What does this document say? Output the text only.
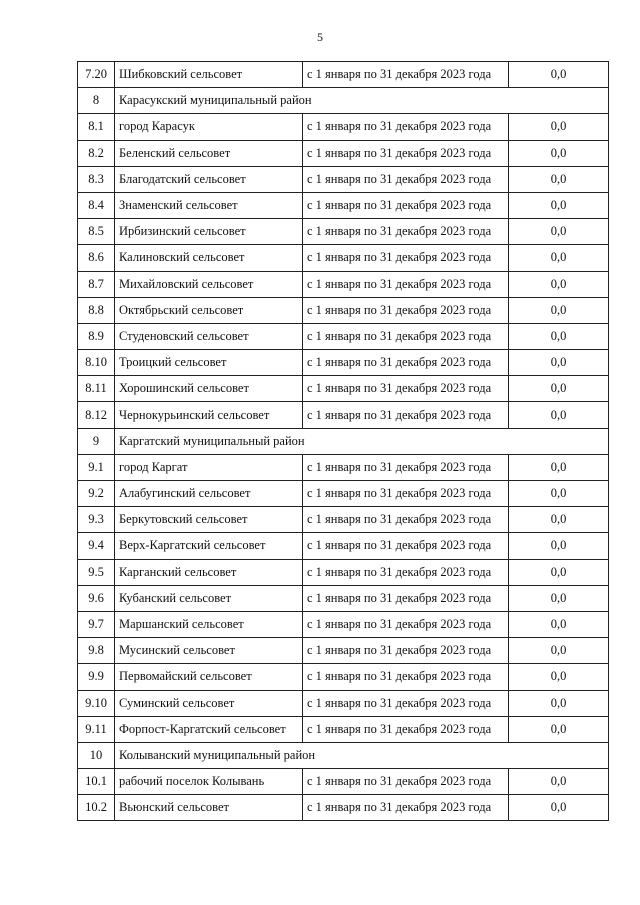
5
7.20	Шибковский сельсовет	с 1 января по 31 декабря 2023 года	0,0
8	Карасукский муниципальный район		
8.1	город Карасук	с 1 января по 31 декабря 2023 года	0,0
8.2	Беленский сельсовет	с 1 января по 31 декабря 2023 года	0,0
8.3	Благодатский сельсовет	с 1 января по 31 декабря 2023 года	0,0
8.4	Знаменский сельсовет	с 1 января по 31 декабря 2023 года	0,0
8.5	Ирбизинский сельсовет	с 1 января по 31 декабря 2023 года	0,0
8.6	Калиновский сельсовет	с 1 января по 31 декабря 2023 года	0,0
8.7	Михайловский сельсовет	с 1 января по 31 декабря 2023 года	0,0
8.8	Октябрьский сельсовет	с 1 января по 31 декабря 2023 года	0,0
8.9	Студеновский сельсовет	с 1 января по 31 декабря 2023 года	0,0
8.10	Троицкий сельсовет	с 1 января по 31 декабря 2023 года	0,0
8.11	Хорошинский сельсовет	с 1 января по 31 декабря 2023 года	0,0
8.12	Чернокурьинский сельсовет	с 1 января по 31 декабря 2023 года	0,0
9	Каргатский муниципальный район		
9.1	город Каргат	с 1 января по 31 декабря 2023 года	0,0
9.2	Алабугинский сельсовет	с 1 января по 31 декабря 2023 года	0,0
9.3	Беркутовский сельсовет	с 1 января по 31 декабря 2023 года	0,0
9.4	Верх-Каргатский сельсовет	с 1 января по 31 декабря 2023 года	0,0
9.5	Карганский сельсовет	с 1 января по 31 декабря 2023 года	0,0
9.6	Кубанский сельсовет	с 1 января по 31 декабря 2023 года	0,0
9.7	Маршанский сельсовет	с 1 января по 31 декабря 2023 года	0,0
9.8	Мусинский сельсовет	с 1 января по 31 декабря 2023 года	0,0
9.9	Первомайский сельсовет	с 1 января по 31 декабря 2023 года	0,0
9.10	Суминский сельсовет	с 1 января по 31 декабря 2023 года	0,0
9.11	Форпост-Каргатский сельсовет	с 1 января по 31 декабря 2023 года	0,0
10	Колыванский муниципальный район		
10.1	рабочий поселок Колывань	с 1 января по 31 декабря 2023 года	0,0
10.2	Вьюнский сельсовет	с 1 января по 31 декабря 2023 года	0,0
